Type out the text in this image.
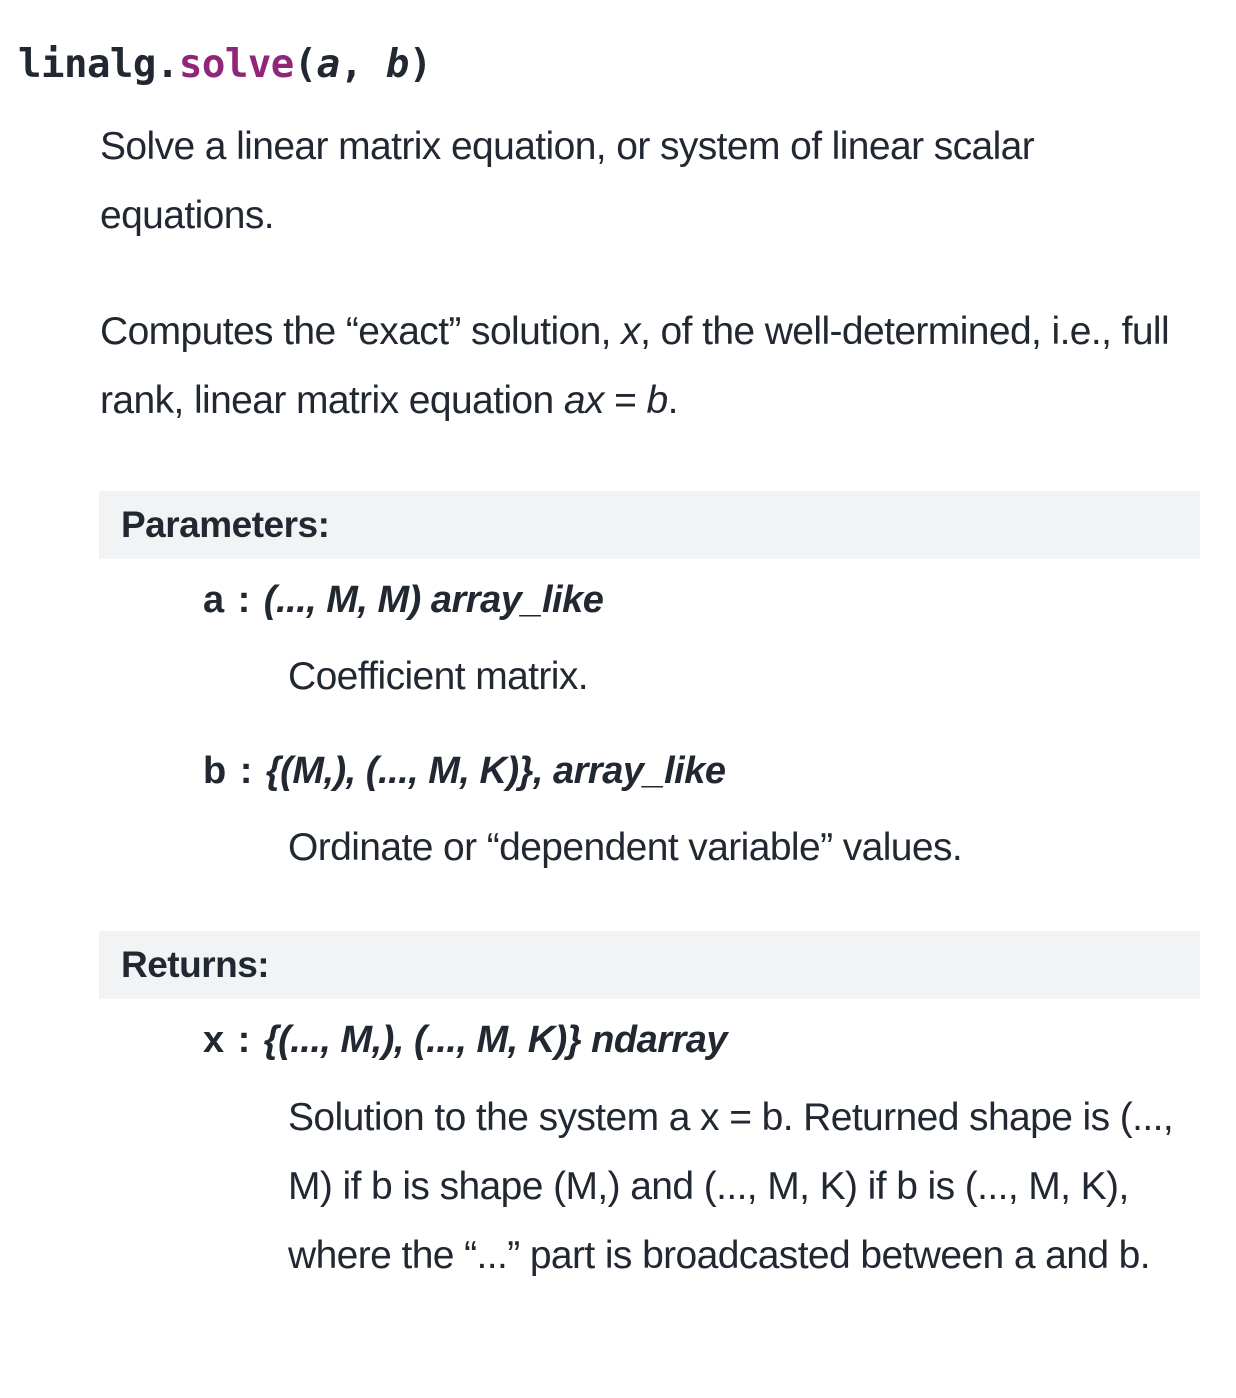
linalg.solve(a, b)
Solve a linear matrix equation, or system of linear scalar equations.
Computes the “exact” solution, x, of the well-determined, i.e., full rank, linear matrix equation ax = b.
Parameters:
a : (..., M, M) array_like
Coefficient matrix.
b : {(M,), (..., M, K)}, array_like
Ordinate or “dependent variable” values.
Returns:
x : {(..., M,), (..., M, K)} ndarray
Solution to the system a x = b. Returned shape is (..., M) if b is shape (M,) and (..., M, K) if b is (..., M, K), where the “...” part is broadcasted between a and b.
